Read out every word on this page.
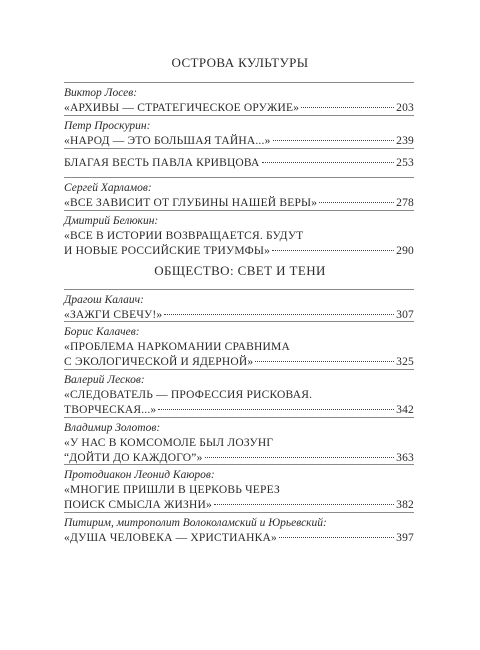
ОСТРОВА КУЛЬТУРЫ
Виктор Лосев:
«АРХИВЫ — СТРАТЕГИЧЕСКОЕ ОРУЖИЕ»	203
Петр Проскурин:
«НАРОД — ЭТО БОЛЬШАЯ ТАЙНА...»	239
БЛАГАЯ ВЕСТЬ ПАВЛА КРИВЦОВА	253
Сергей Харламов:
«ВСЕ ЗАВИСИТ ОТ ГЛУБИНЫ НАШЕЙ ВЕРЫ»	278
Дмитрий Белюкин:
«ВСЕ В ИСТОРИИ ВОЗВРАЩАЕТСЯ. БУДУТ
И НОВЫЕ РОССИЙСКИЕ ТРИУМФЫ»	290
ОБЩЕСТВО: СВЕТ И ТЕНИ
Драгош Калаич:
«ЗАЖГИ СВЕЧУ!»	307
Борис Калачев:
«ПРОБЛЕМА НАРКОМАНИИ СРАВНИМА
С ЭКОЛОГИЧЕСКОЙ И ЯДЕРНОЙ»	325
Валерий Лесков:
«СЛЕДОВАТЕЛЬ — ПРОФЕССИЯ РИСКОВАЯ.
ТВОРЧЕСКАЯ...»	342
Владимир Золотов:
«У НАС В КОМСОМОЛЕ БЫЛ ЛОЗУНГ
“ДОЙТИ ДО КАЖДОГО”»	363
Протодиакон Леонид Каюров:
«МНОГИЕ ПРИШЛИ В ЦЕРКОВЬ ЧЕРЕЗ
ПОИСК СМЫСЛА ЖИЗНИ»	382
Питирим, митрополит Волоколамский и Юрьевский:
«ДУША ЧЕЛОВЕКА — ХРИСТИАНКА»	397
